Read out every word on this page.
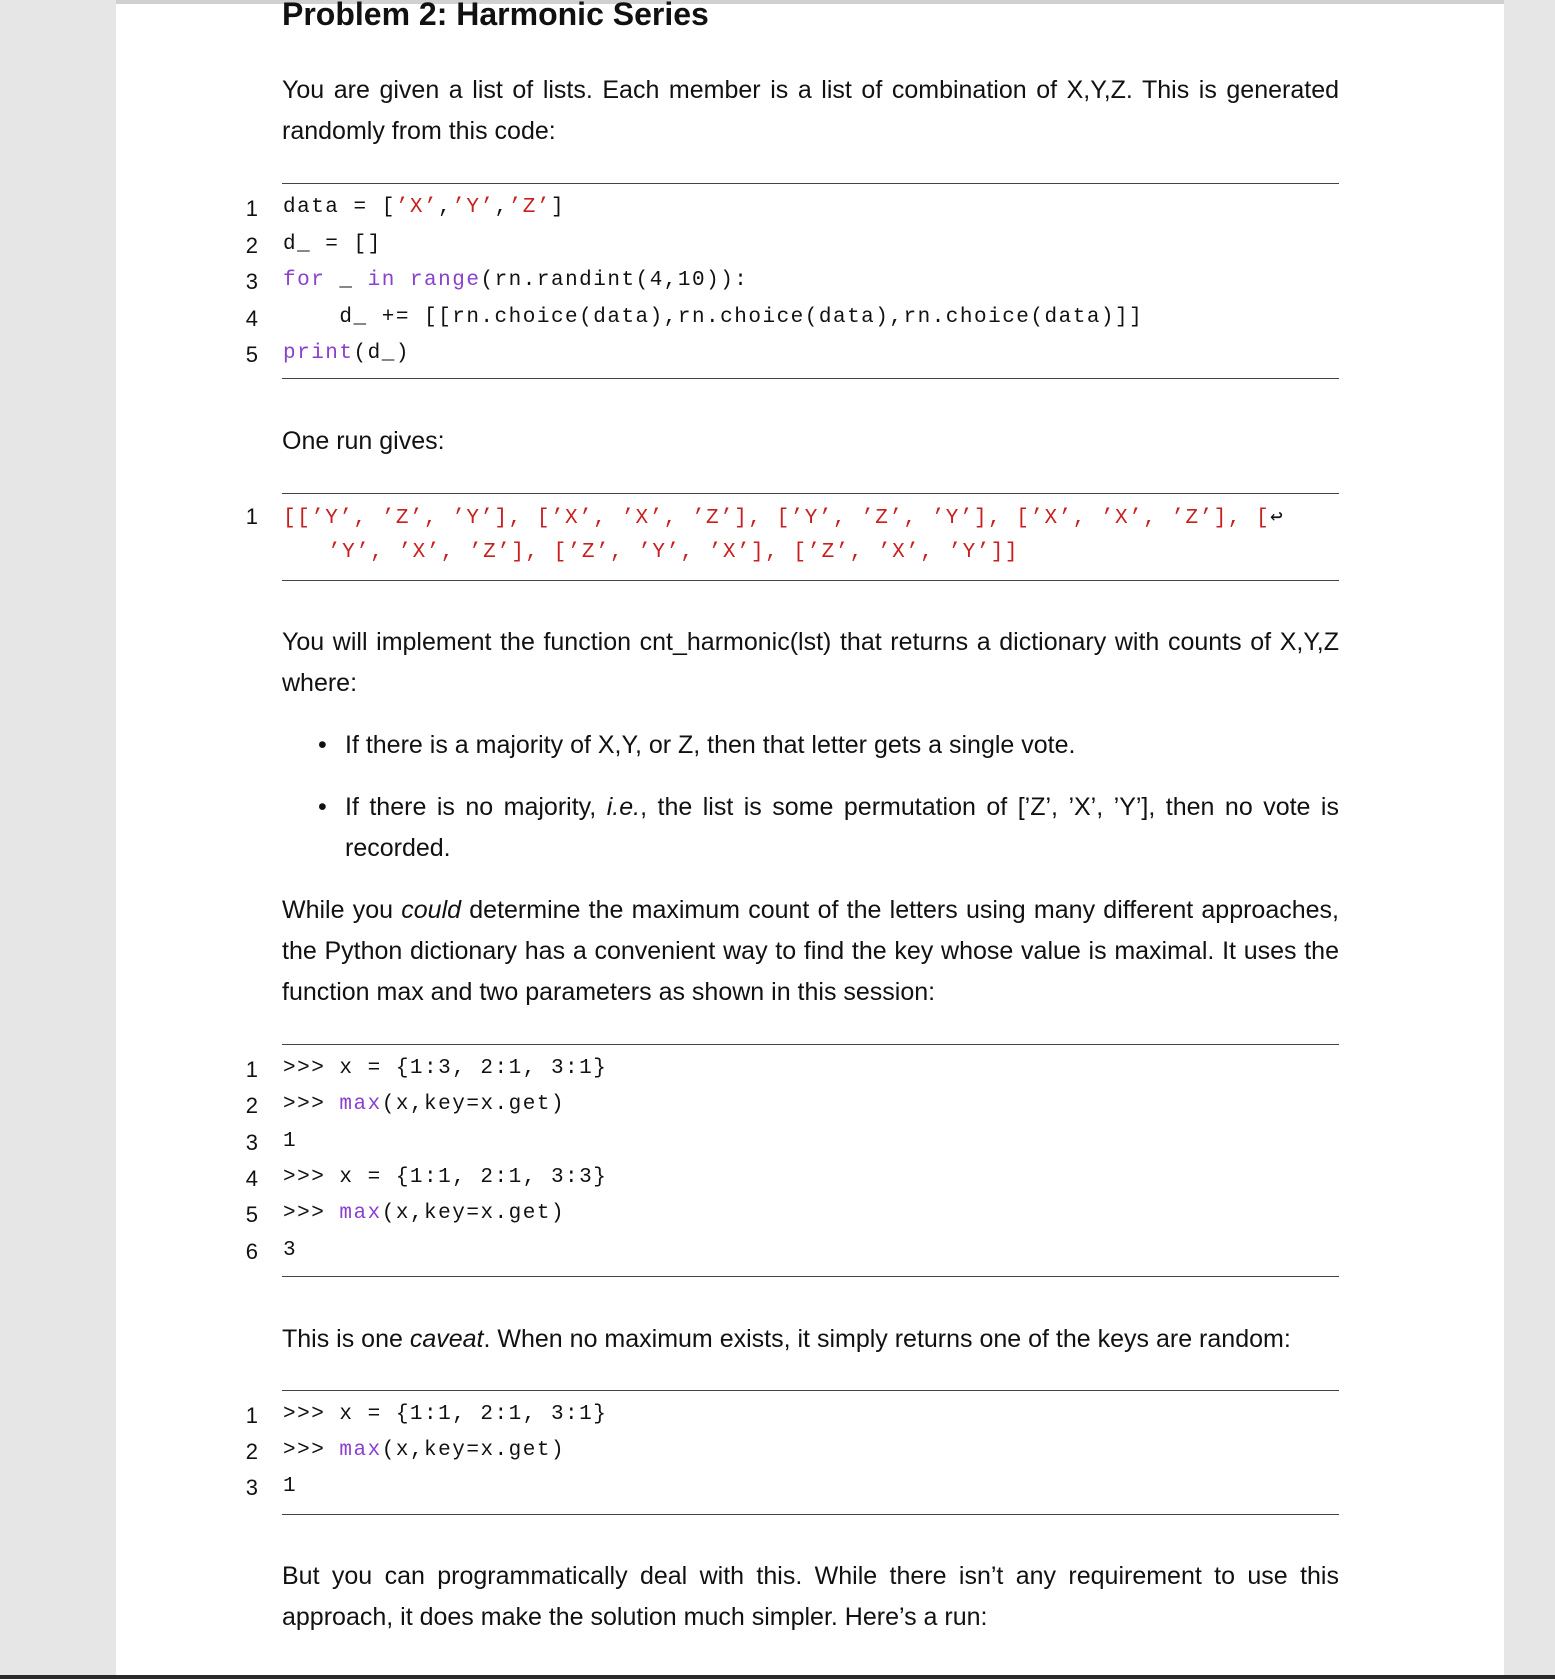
Problem 2: Harmonic Series

You are given a list of lists. Each member is a list of combination of X,Y,Z. This is generated randomly from this code:

1 data = [’X’,’Y’,’Z’]
2 d_ = []
3 for _ in range(rn.randint(4,10)):
4 d_ += [[rn.choice(data),rn.choice(data),rn.choice(data)]]
5 print(d_)

One run gives:

1

[[’Y’, ’Z’, ’Y’], [’X’, ’X’, ’Z’], [’Y’, ’Z’, ’Y’], [’X’, ’X’, ’Z’], [↩

’Y’, ’X’, ’Z’], [’Z’, ’Y’, ’X’], [’Z’, ’X’, ’Y’]]

You will implement the function cnt_harmonic(lst) that returns a dictionary with counts of X,Y,Z where:

• If there is a majority of X,Y, or Z, then that letter gets a single vote.
• If there is no majority, i.e., the list is some permutation of [’Z’, ’X’, ’Y’], then no vote is recorded.

While you could determine the maximum count of the letters using many different approaches, the Python dictionary has a convenient way to find the key whose value is maximal. It uses the function max and two parameters as shown in this session:

1 >>> x = {1:3, 2:1, 3:1}
2 >>> max(x,key=x.get)
3 1
4 >>> x = {1:1, 2:1, 3:3}
5 >>> max(x,key=x.get)
6 3

This is one caveat. When no maximum exists, it simply returns one of the keys are random:

1 >>> x = {1:1, 2:1, 3:1}
2 >>> max(x,key=x.get)
3 1

But you can programmatically deal with this. While there isn’t any requirement to use this approach, it does make the solution much simpler. Here’s a run:
